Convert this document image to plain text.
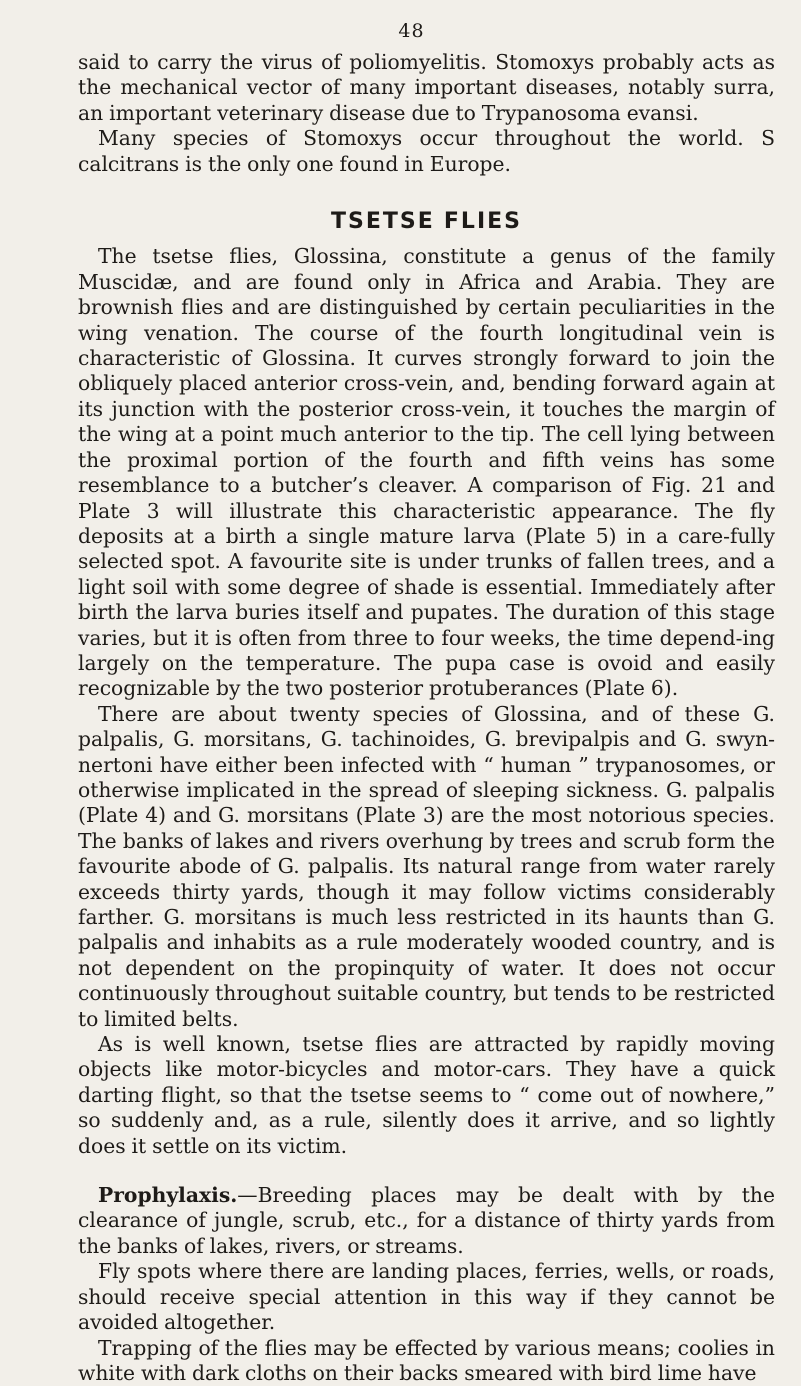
48

said to carry the virus of poliomyelitis. Stomoxys probably acts as the mechanical vector of many important diseases, notably surra, an important veterinary disease due to Trypanosoma evansi.

Many species of Stomoxys occur throughout the world. S calcitrans is the only one found in Europe.

TSETSE FLIES

The tsetse flies, Glossina, constitute a genus of the family Muscidæ, and are found only in Africa and Arabia. They are brownish flies and are distinguished by certain peculiarities in the wing venation. The course of the fourth longitudinal vein is characteristic of Glossina. It curves strongly forward to join the obliquely placed anterior cross-vein, and, bending forward again at its junction with the posterior cross-vein, it touches the margin of the wing at a point much anterior to the tip. The cell lying between the proximal portion of the fourth and fifth veins has some resemblance to a butcher’s cleaver. A comparison of Fig. 21 and Plate 3 will illustrate this characteristic appearance. The fly deposits at a birth a single mature larva (Plate 5) in a care-fully selected spot. A favourite site is under trunks of fallen trees, and a light soil with some degree of shade is essential. Immediately after birth the larva buries itself and pupates. The duration of this stage varies, but it is often from three to four weeks, the time depend-ing largely on the temperature. The pupa case is ovoid and easily recognizable by the two posterior protuberances (Plate 6).

There are about twenty species of Glossina, and of these G. palpalis, G. morsitans, G. tachinoides, G. brevipalpis and G. swyn-nertoni have either been infected with “ human ” trypanosomes, or otherwise implicated in the spread of sleeping sickness. G. palpalis (Plate 4) and G. morsitans (Plate 3) are the most notorious species. The banks of lakes and rivers overhung by trees and scrub form the favourite abode of G. palpalis. Its natural range from water rarely exceeds thirty yards, though it may follow victims considerably farther. G. morsitans is much less restricted in its haunts than G. palpalis and inhabits as a rule moderately wooded country, and is not dependent on the propinquity of water. It does not occur continuously throughout suitable country, but tends to be restricted to limited belts.

As is well known, tsetse flies are attracted by rapidly moving objects like motor-bicycles and motor-cars. They have a quick darting flight, so that the tsetse seems to “ come out of nowhere,” so suddenly and, as a rule, silently does it arrive, and so lightly does it settle on its victim.

Prophylaxis.—Breeding places may be dealt with by the clearance of jungle, scrub, etc., for a distance of thirty yards from the banks of lakes, rivers, or streams.

Fly spots where there are landing places, ferries, wells, or roads, should receive special attention in this way if they cannot be avoided altogether.

Trapping of the flies may be effected by various means; coolies in white with dark cloths on their backs smeared with bird lime have
